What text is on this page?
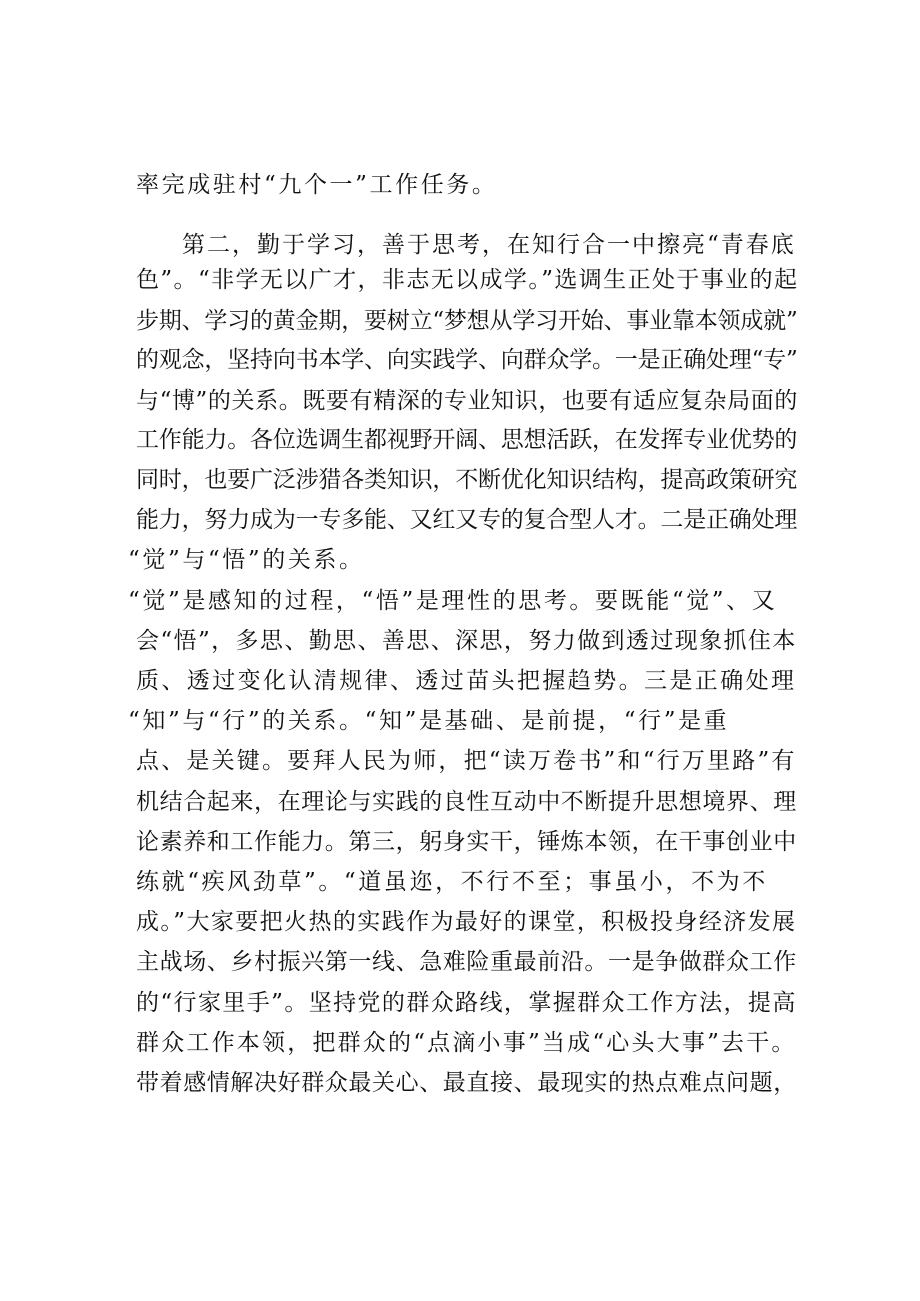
率完成驻村“九个一”工作任务。
第二，勤于学习，善于思考，在知行合一中擦亮“青春底
色”。“非学无以广才，非志无以成学。”选调生正处于事业的起
步期、学习的黄金期，要树立“梦想从学习开始、事业靠本领成就”
的观念，坚持向书本学、向实践学、向群众学。一是正确处理“专”
与“博”的关系。既要有精深的专业知识，也要有适应复杂局面的
工作能力。各位选调生都视野开阔、思想活跃，在发挥专业优势的
同时，也要广泛涉猎各类知识，不断优化知识结构，提高政策研究
能力，努力成为一专多能、又红又专的复合型人才。二是正确处理
“觉”与“悟”的关系。
“觉”是感知的过程，“悟”是理性的思考。要既能“觉”、又
会“悟”，多思、勤思、善思、深思，努力做到透过现象抓住本
质、透过变化认清规律、透过苗头把握趋势。三是正确处理
“知”与“行”的关系。“知”是基础、是前提，“行”是重
点、是关键。要拜人民为师，把“读万卷书”和“行万里路”有
机结合起来，在理论与实践的良性互动中不断提升思想境界、理
论素养和工作能力。第三，躬身实干，锤炼本领，在干事创业中
练就“疾风劲草”。“道虽迩，不行不至；事虽小，不为不
成。”大家要把火热的实践作为最好的课堂，积极投身经济发展
主战场、乡村振兴第一线、急难险重最前沿。一是争做群众工作
的“行家里手”。坚持党的群众路线，掌握群众工作方法，提高
群众工作本领，把群众的“点滴小事”当成“心头大事”去干。
带着感情解决好群众最关心、最直接、最现实的热点难点问题，
